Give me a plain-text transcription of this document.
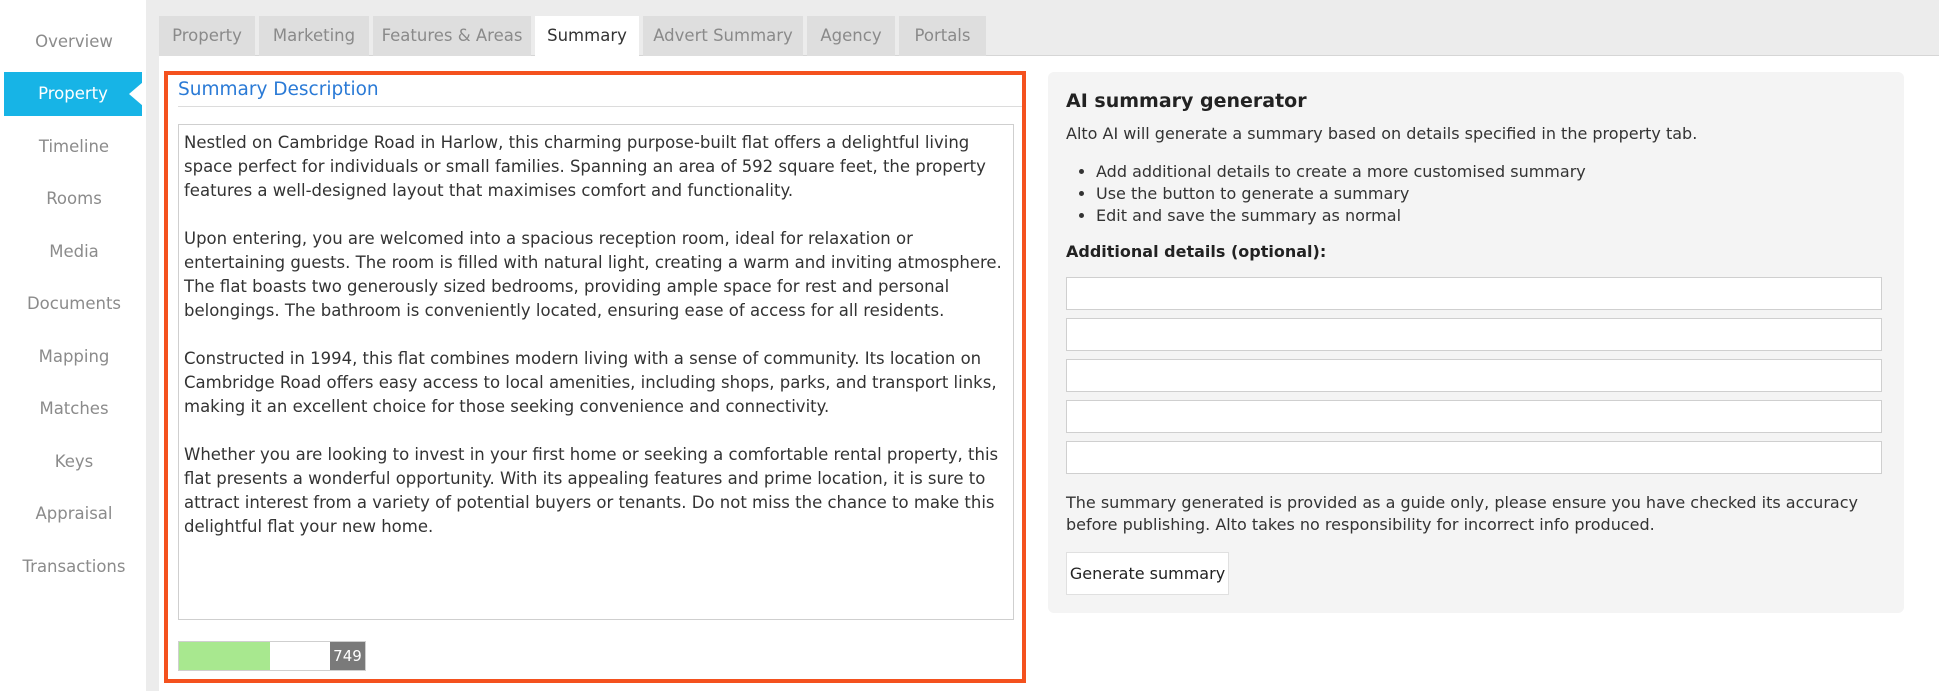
Overview
Property
Timeline
Rooms
Media
Documents
Mapping
Matches
Keys
Appraisal
Transactions
Property	Marketing	Features & Areas	Summary	Advert Summary	Agency	Portals
Summary Description

Nestled on Cambridge Road in Harlow, this charming purpose-built flat offers a delightful living space perfect for individuals or small families. Spanning an area of 592 square feet, the property features a well-designed layout that maximises comfort and functionality.

Upon entering, you are welcomed into a spacious reception room, ideal for relaxation or entertaining guests. The room is filled with natural light, creating a warm and inviting atmosphere. The flat boasts two generously sized bedrooms, providing ample space for rest and personal belongings. The bathroom is conveniently located, ensuring ease of access for all residents.

Constructed in 1994, this flat combines modern living with a sense of community. Its location on Cambridge Road offers easy access to local amenities, including shops, parks, and transport links, making it an excellent choice for those seeking convenience and connectivity.

Whether you are looking to invest in your first home or seeking a comfortable rental property, this flat presents a wonderful opportunity. With its appealing features and prime location, it is sure to attract interest from a variety of potential buyers or tenants. Do not miss the chance to make this delightful flat your new home.

749
AI summary generator
Alto AI will generate a summary based on details specified in the property tab.
• Add additional details to create a more customised summary
• Use the button to generate a summary
• Edit and save the summary as normal
Additional details (optional):
The summary generated is provided as a guide only, please ensure you have checked its accuracy before publishing. Alto takes no responsibility for incorrect info produced.
Generate summary
